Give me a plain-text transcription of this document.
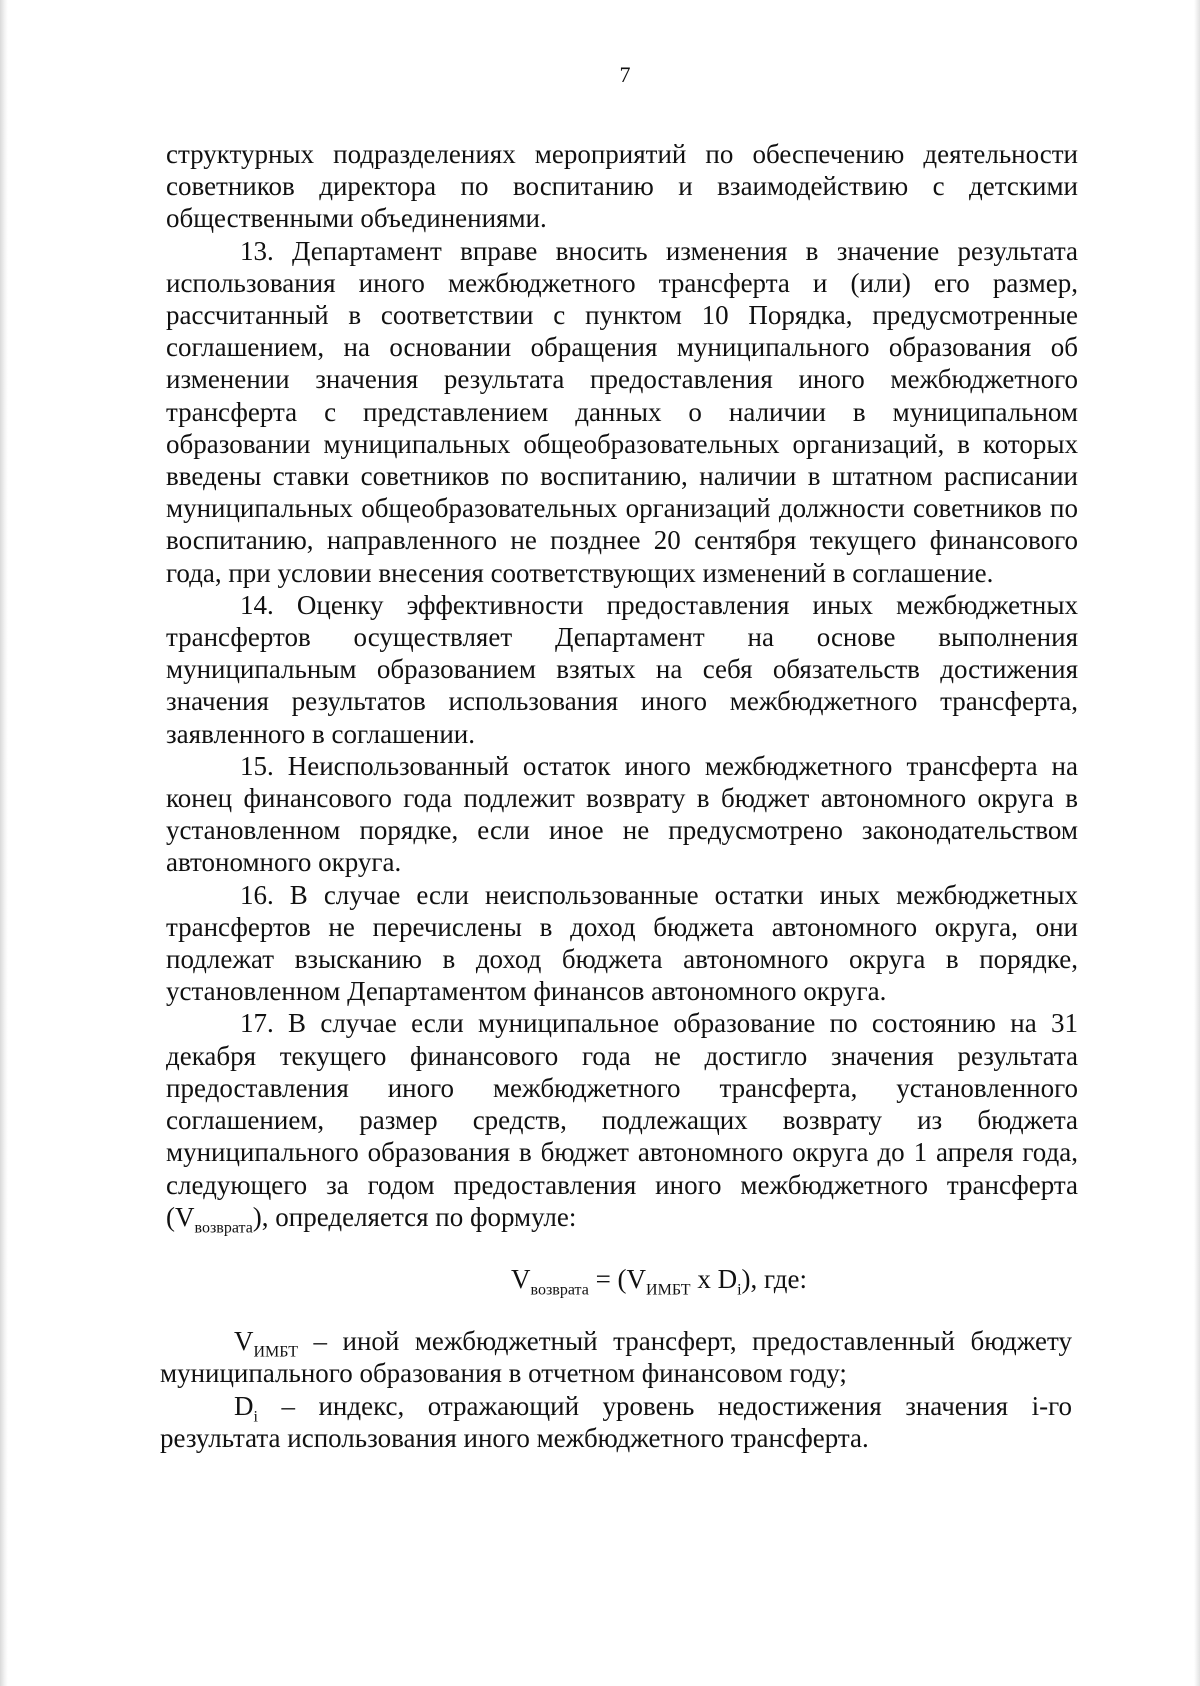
7

структурных подразделениях мероприятий по обеспечению деятельности советников директора по воспитанию и взаимодействию с детскими общественными объединениями.

13. Департамент вправе вносить изменения в значение результата использования иного межбюджетного трансферта и (или) его размер, рассчитанный в соответствии с пунктом 10 Порядка, предусмотренные соглашением, на основании обращения муниципального образования об изменении значения результата предоставления иного межбюджетного трансферта с представлением данных о наличии в муниципальном образовании муниципальных общеобразовательных организаций, в которых введены ставки советников по воспитанию, наличии в штатном расписании муниципальных общеобразовательных организаций должности советников по воспитанию, направленного не позднее 20 сентября текущего финансового года, при условии внесения соответствующих изменений в соглашение.

14. Оценку эффективности предоставления иных межбюджетных трансфертов осуществляет Департамент на основе выполнения муниципальным образованием взятых на себя обязательств достижения значения результатов использования иного межбюджетного трансферта, заявленного в соглашении.

15. Неиспользованный остаток иного межбюджетного трансферта на конец финансового года подлежит возврату в бюджет автономного округа в установленном порядке, если иное не предусмотрено законодательством автономного округа.

16. В случае если неиспользованные остатки иных межбюджетных трансфертов не перечислены в доход бюджета автономного округа, они подлежат взысканию в доход бюджета автономного округа в порядке, установленном Департаментом финансов автономного округа.

17. В случае если муниципальное образование по состоянию на 31 декабря текущего финансового года не достигло значения результата предоставления иного межбюджетного трансферта, установленного соглашением, размер средств, подлежащих возврату из бюджета муниципального образования в бюджет автономного округа до 1 апреля года, следующего за годом предоставления иного межбюджетного трансферта $(V_{возврата})$, определяется по формуле:

$V_{возврата} = (V_{ИМБТ}$ х $D_i$), где:

$V_{ИМБТ}$ – иной межбюджетный трансферт, предоставленный бюджету муниципального образования в отчетном финансовом году;

$D_i$ – индекс, отражающий уровень недостижения значения i-го результата использования иного межбюджетного трансферта.
